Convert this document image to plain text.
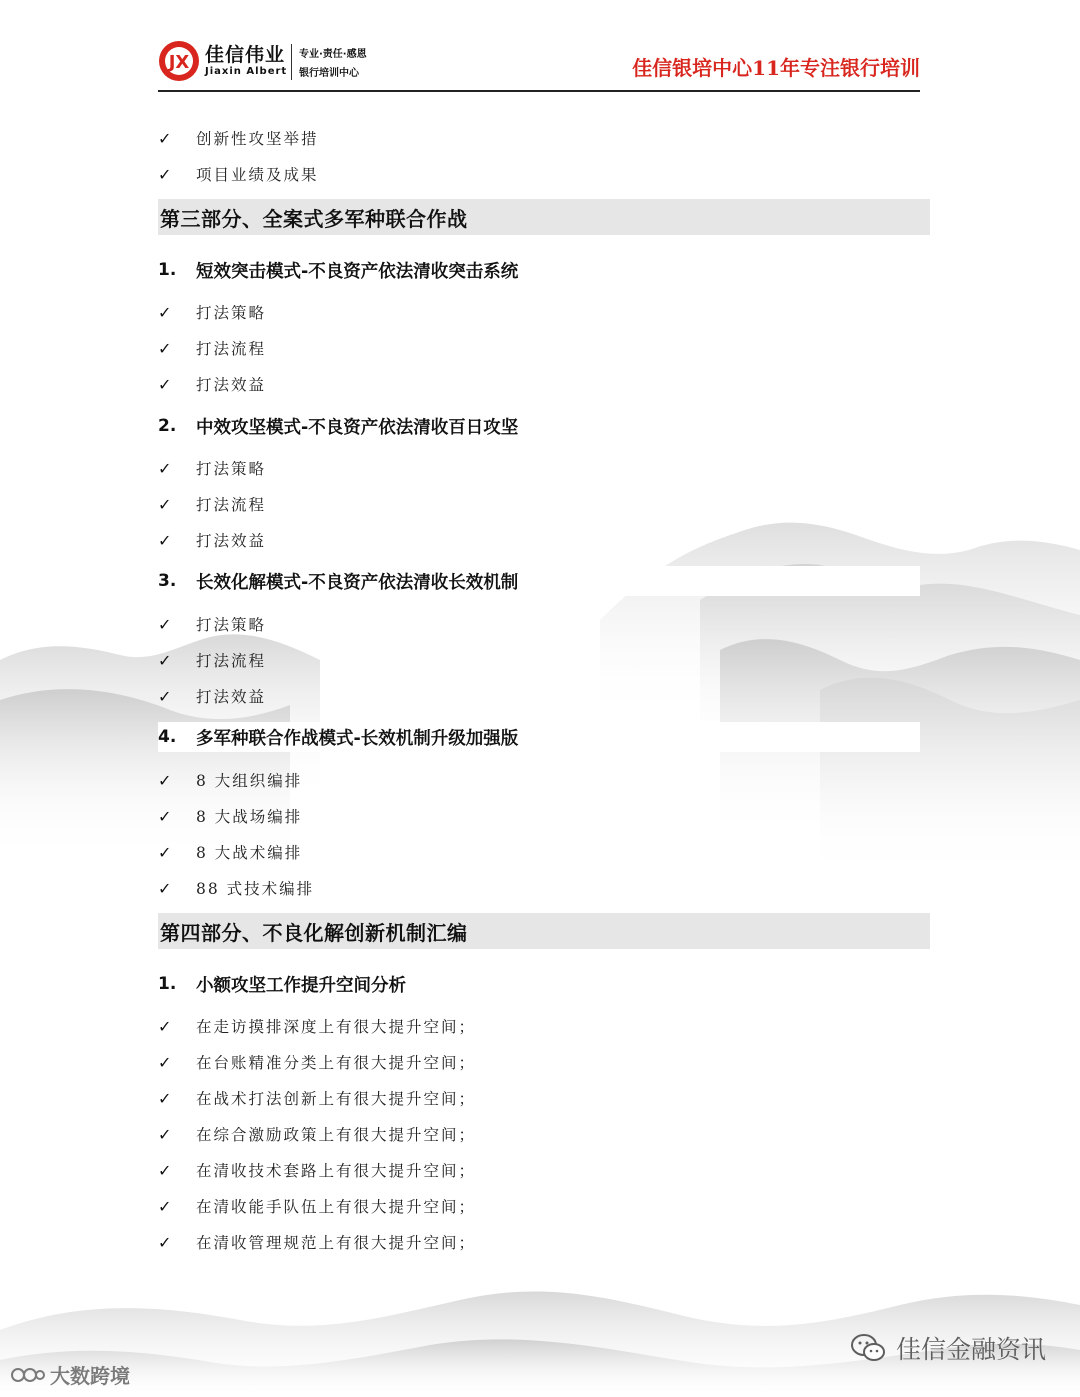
JX 佳信伟业
Jiaxin Albert
专业·责任·感恩
银行培训中心	佳信银培中心11年专注银行培训
✓	创新性攻坚举措
✓	项目业绩及成果
第三部分、全案式多军种联合作战
1.	短效突击模式-不良资产依法清收突击系统
✓	打法策略
✓	打法流程
✓	打法效益
2.	中效攻坚模式-不良资产依法清收百日攻坚
✓	打法策略
✓	打法流程
✓	打法效益
3.	长效化解模式-不良资产依法清收长效机制
✓	打法策略
✓	打法流程
✓	打法效益
4.	多军种联合作战模式-长效机制升级加强版
✓	8 大组织编排
✓	8 大战场编排
✓	8 大战术编排
✓	88 式技术编排
第四部分、不良化解创新机制汇编
1.	小额攻坚工作提升空间分析
✓	在走访摸排深度上有很大提升空间；
✓	在台账精准分类上有很大提升空间；
✓	在战术打法创新上有很大提升空间；
✓	在综合激励政策上有很大提升空间；
✓	在清收技术套路上有很大提升空间；
✓	在清收能手队伍上有很大提升空间；
✓	在清收管理规范上有很大提升空间；
大数跨境
佳信金融资讯
